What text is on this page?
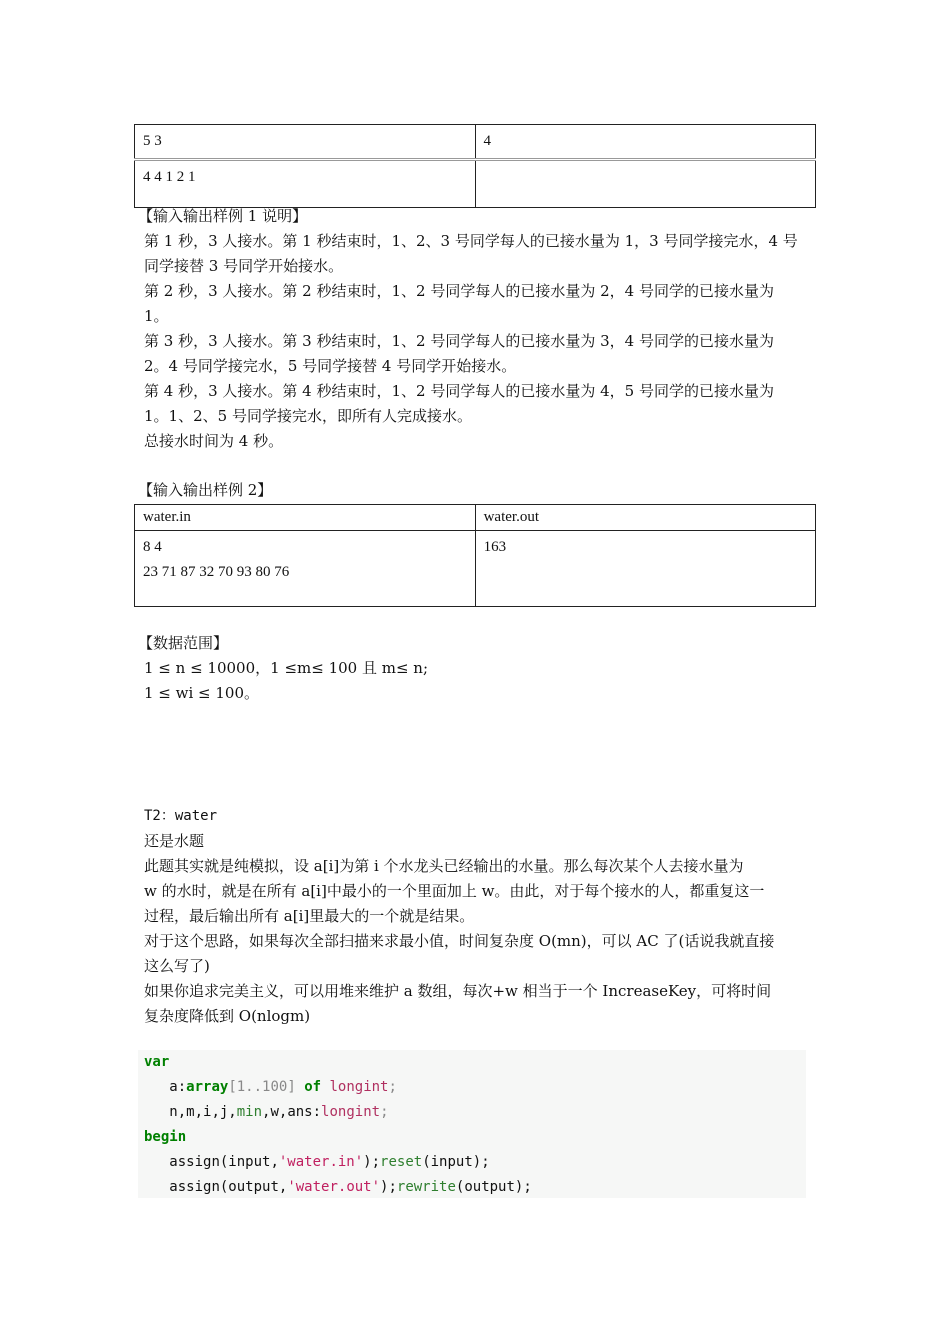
5 3	4
4 4 1 2 1	
【输入输出样例 1 说明】
第 1 秒，3 人接水。第 1 秒结束时，1、2、3 号同学每人的已接水量为 1，3 号同学接完水，4 号
同学接替 3 号同学开始接水。
第 2 秒，3 人接水。第 2 秒结束时，1、2 号同学每人的已接水量为 2，4 号同学的已接水量为
1。
第 3 秒，3 人接水。第 3 秒结束时，1、2 号同学每人的已接水量为 3，4 号同学的已接水量为
2。4 号同学接完水，5 号同学接替 4 号同学开始接水。
第 4 秒，3 人接水。第 4 秒结束时，1、2 号同学每人的已接水量为 4，5 号同学的已接水量为
1。1、2、5 号同学接完水，即所有人完成接水。
总接水时间为 4 秒。
【输入输出样例 2】
water.in	water.out
8 4
23 71 87 32 70 93 80 76	163
【数据范围】
1 ≤ n ≤ 10000，1 ≤m≤ 100 且 m≤ n;
1 ≤ wi ≤ 100。
T2：water
还是水题
此题其实就是纯模拟，设 a[i]为第 i 个水龙头已经输出的水量。那么每次某个人去接水量为
w 的水时，就是在所有 a[i]中最小的一个里面加上 w。由此，对于每个接水的人，都重复这一
过程，最后输出所有 a[i]里最大的一个就是结果。
对于这个思路，如果每次全部扫描来求最小值，时间复杂度 O(mn)，可以 AC 了(话说我就直接
这么写了)
如果你追求完美主义，可以用堆来维护 a 数组，每次+w 相当于一个 IncreaseKey，可将时间
复杂度降低到 O(nlogm)
var
a:array[1..100] of longint;
n,m,i,j,min,w,ans:longint;
begin
assign(input,'water.in');reset(input);
assign(output,'water.out');rewrite(output);
